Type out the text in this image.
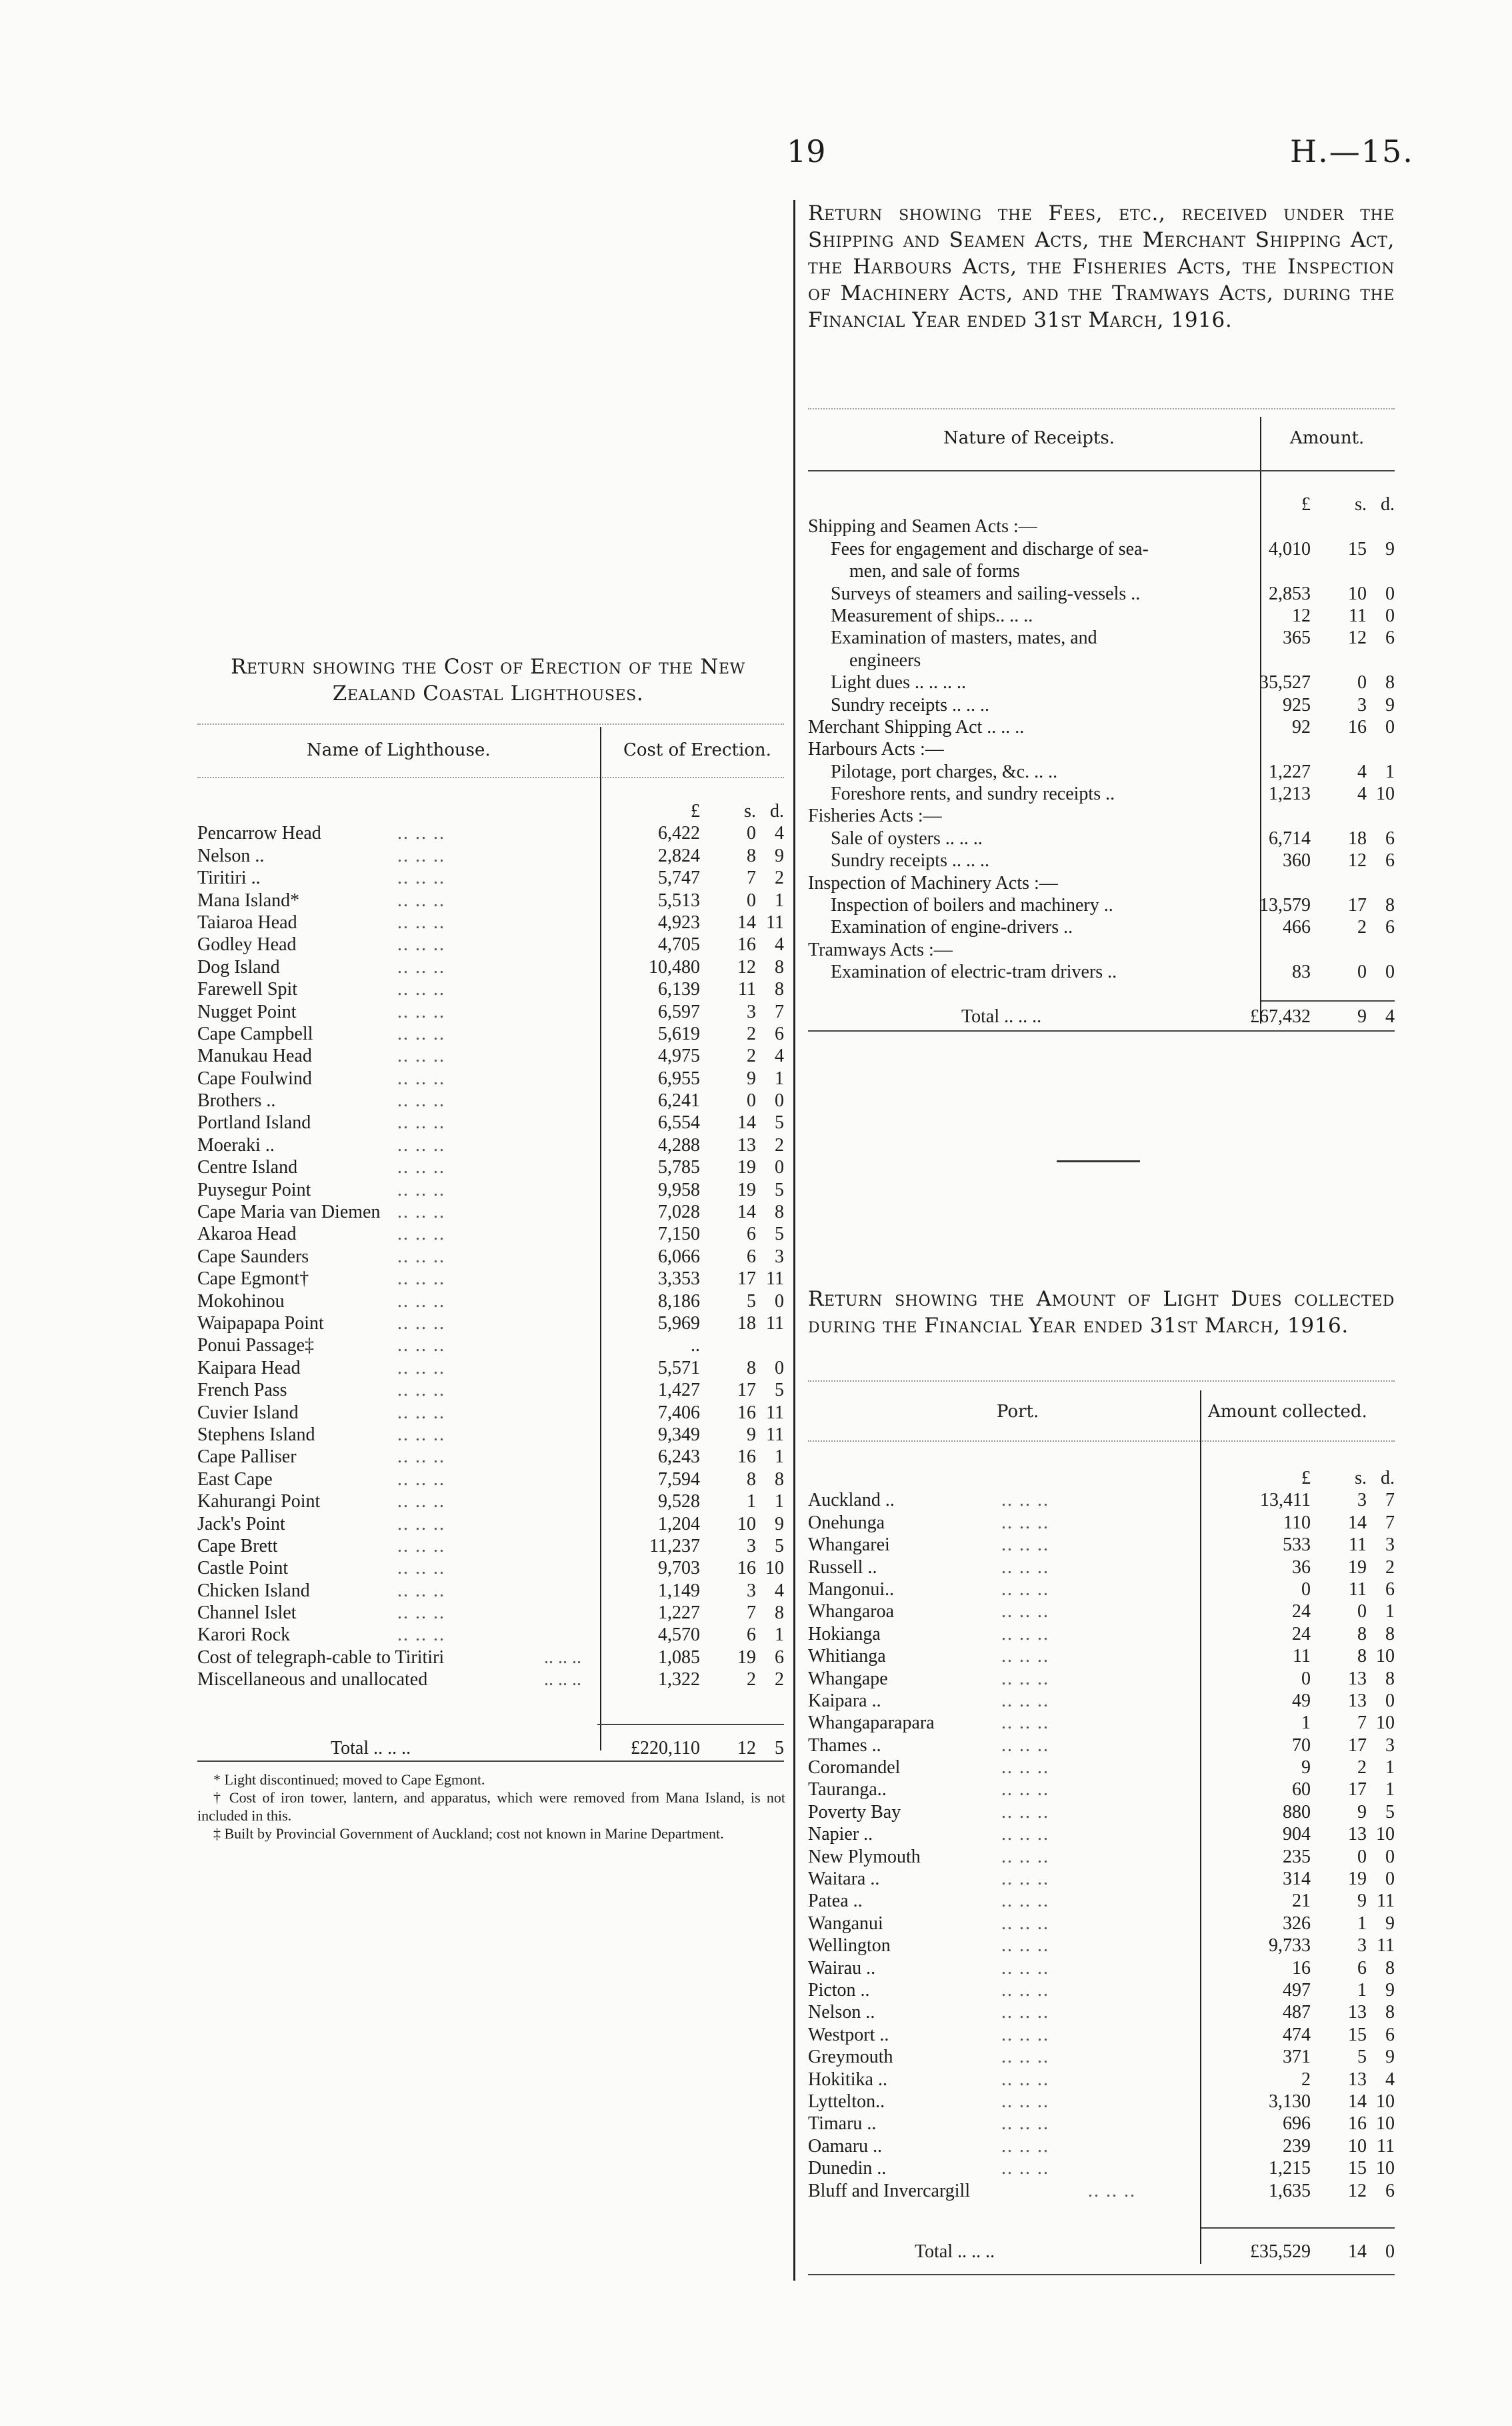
19	H.—15.
Return showing the Fees, etc., received under the Shipping and Seamen Acts, the Merchant Shipping Act, the Harbours Acts, the Fisheries Acts, the Inspection of Machinery Acts, and the Tramways Acts, during the Financial Year ended 31st March, 1916.
Nature of Receipts.	Amount.
£	s. d.
Shipping and Seamen Acts :—
Fees for engagement and discharge of sea-	4,010	15	9
men, and sale of forms
Surveys of steamers and sailing-vessels ..	2,853	10	0
Measurement of ships.. .. ..	12	11	0
Examination of masters, mates, and	365	12	6
engineers
Light dues .. .. .. ..	35,527	0	8
Sundry receipts .. .. ..	925	3	9
Merchant Shipping Act .. .. ..	92	16	0
Harbours Acts :—
Pilotage, port charges, &c. .. ..	1,227	4	1
Foreshore rents, and sundry receipts ..	1,213	4 10
Fisheries Acts :—
Sale of oysters .. .. ..	6,714	18	6
Sundry receipts .. .. ..	360	12	6
Inspection of Machinery Acts :—
Inspection of boilers and machinery ..	13,579	17	8
Examination of engine-drivers ..	466	2	6
Tramways Acts :—
Examination of electric-tram drivers ..	83	0	0
Total .. .. ..	£67,432	9	4
Return showing the Cost of Erection of the New Zealand Coastal Lighthouses.
Name of Lighthouse.	Cost of Erection.
£	s. d.
Pencarrow Head	.. .. ..	6,422	0	4
Nelson ..	.. .. ..	2,824	8	9
Tiritiri ..	.. .. ..	5,747	7	2
Mana Island*	.. .. ..	5,513	0	1
Taiaroa Head	.. .. ..	4,923	14 11
Godley Head	.. .. ..	4,705	16	4
Dog Island	.. .. ..	10,480	12	8
Farewell Spit	.. .. ..	6,139	11	8
Nugget Point	.. .. ..	6,597	3	7
Cape Campbell	.. .. ..	5,619	2	6
Manukau Head	.. .. ..	4,975	2	4
Cape Foulwind	.. .. ..	6,955	9	1
Brothers ..	.. .. ..	6,241	0	0
Portland Island	.. .. ..	6,554	14	5
Moeraki ..	.. .. ..	4,288	13	2
Centre Island	.. .. ..	5,785	19	0
Puysegur Point	.. .. ..	9,958	19	5
Cape Maria van Diemen .. .. ..	7,028	14	8
Akaroa Head	.. .. ..	7,150	6	5
Cape Saunders	.. .. ..	6,066	6	3
Cape Egmont†	.. .. ..	3,353	17 11
Mokohinou	.. .. ..	8,186	5	0
Waipapapa Point	.. .. ..	5,969	18 11
Ponui Passage‡	.. .. ..	..
Kaipara Head	.. .. ..	5,571	8	0
French Pass	.. .. ..	1,427	17	5
Cuvier Island	.. .. ..	7,406	16 11
Stephens Island	.. .. ..	9,349	9 11
Cape Palliser	.. .. ..	6,243	16	1
East Cape	.. .. ..	7,594	8	8
Kahurangi Point	.. .. ..	9,528	1	1
Jack's Point	.. .. ..	1,204	10	9
Cape Brett	.. .. ..	11,237	3	5
Castle Point	.. .. ..	9,703	16 10
Chicken Island	.. .. ..	1,149	3	4
Channel Islet	.. .. ..	1,227	7	8
Karori Rock	.. .. ..	4,570	6	1
Cost of telegraph-cable to Tiritiri	.. .. ..	1,085	19	6
Miscellaneous and unallocated	.. .. ..	1,322	2	2
Total .. .. ..	£220,110	12	5
* Light discontinued; moved to Cape Egmont.
† Cost of iron tower, lantern, and apparatus, which were removed from Mana Island, is not included in this.
‡ Built by Provincial Government of Auckland; cost not known in Marine Department.
Return showing the Amount of Light Dues collected during the Financial Year ended 31st March, 1916.
Port.	Amount collected.
£	s. d.
Auckland ..	.. .. ..	13,411	3	7
Onehunga	.. .. ..	110	14	7
Whangarei	.. .. ..	533	11	3
Russell ..	.. .. ..	36	19	2
Mangonui..	.. .. ..	0	11	6
Whangaroa	.. .. ..	24	0	1
Hokianga	.. .. ..	24	8	8
Whitianga	.. .. ..	11	8 10
Whangape	.. .. ..	0	13	8
Kaipara ..	.. .. ..	49	13	0
Whangaparapara	.. .. ..	1	7 10
Thames ..	.. .. ..	70	17	3
Coromandel	.. .. ..	9	2	1
Tauranga..	.. .. ..	60	17	1
Poverty Bay	.. .. ..	880	9	5
Napier ..	.. .. ..	904	13 10
New Plymouth	.. .. ..	235	0	0
Waitara ..	.. .. ..	314	19	0
Patea ..	.. .. ..	21	9 11
Wanganui	.. .. ..	326	1	9
Wellington	.. .. ..	9,733	3 11
Wairau ..	.. .. ..	16	6	8
Picton ..	.. .. ..	497	1	9
Nelson ..	.. .. ..	487	13	8
Westport ..	.. .. ..	474	15	6
Greymouth	.. .. ..	371	5	9
Hokitika ..	.. .. ..	2	13	4
Lyttelton..	.. .. ..	3,130	14 10
Timaru ..	.. .. ..	696	16 10
Oamaru ..	.. .. ..	239	10 11
Dunedin ..	.. .. ..	1,215	15 10
Bluff and Invercargill	.. .. ..	1,635	12	6
Total .. .. ..	£35,529	14	0
